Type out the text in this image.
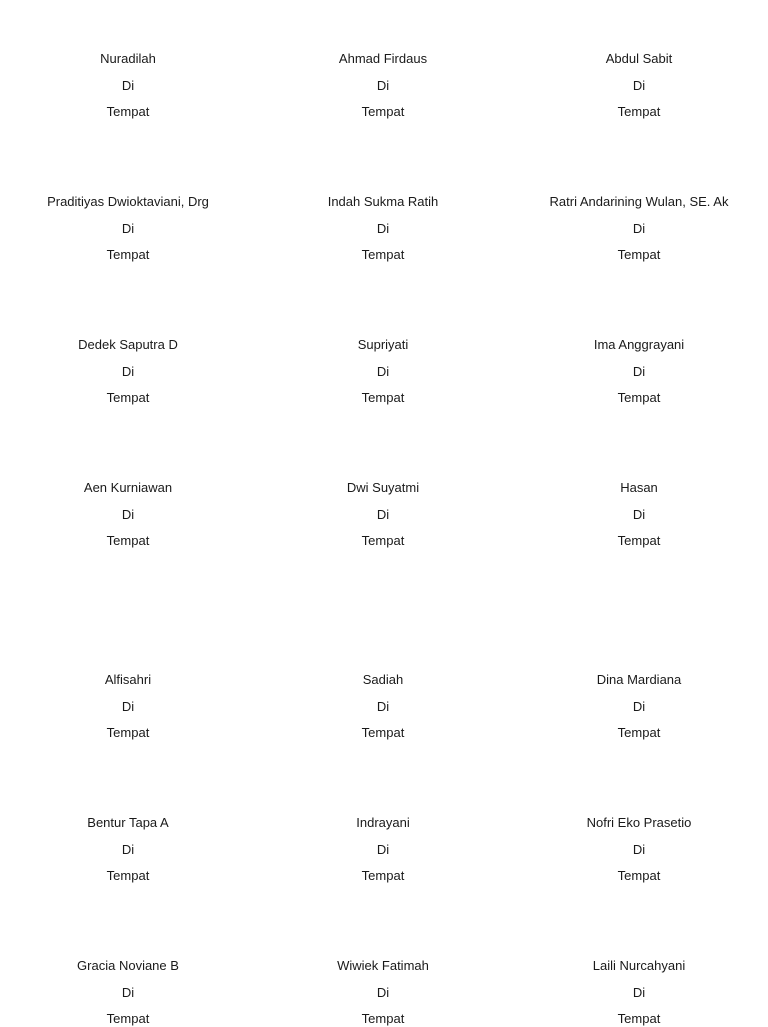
Nuradilah
Di
Tempat
Ahmad Firdaus
Di
Tempat
Abdul Sabit
Di
Tempat
Praditiyas Dwioktaviani, Drg
Di
Tempat
Indah Sukma Ratih
Di
Tempat
Ratri Andarining Wulan, SE. Ak
Di
Tempat
Dedek Saputra D
Di
Tempat
Supriyati
Di
Tempat
Ima Anggrayani
Di
Tempat
Aen Kurniawan
Di
Tempat
Dwi Suyatmi
Di
Tempat
Hasan
Di
Tempat
Alfisahri
Di
Tempat
Sadiah
Di
Tempat
Dina Mardiana
Di
Tempat
Bentur Tapa A
Di
Tempat
Indrayani
Di
Tempat
Nofri Eko Prasetio
Di
Tempat
Gracia Noviane B
Di
Tempat
Wiwiek Fatimah
Di
Tempat
Laili Nurcahyani
Di
Tempat
